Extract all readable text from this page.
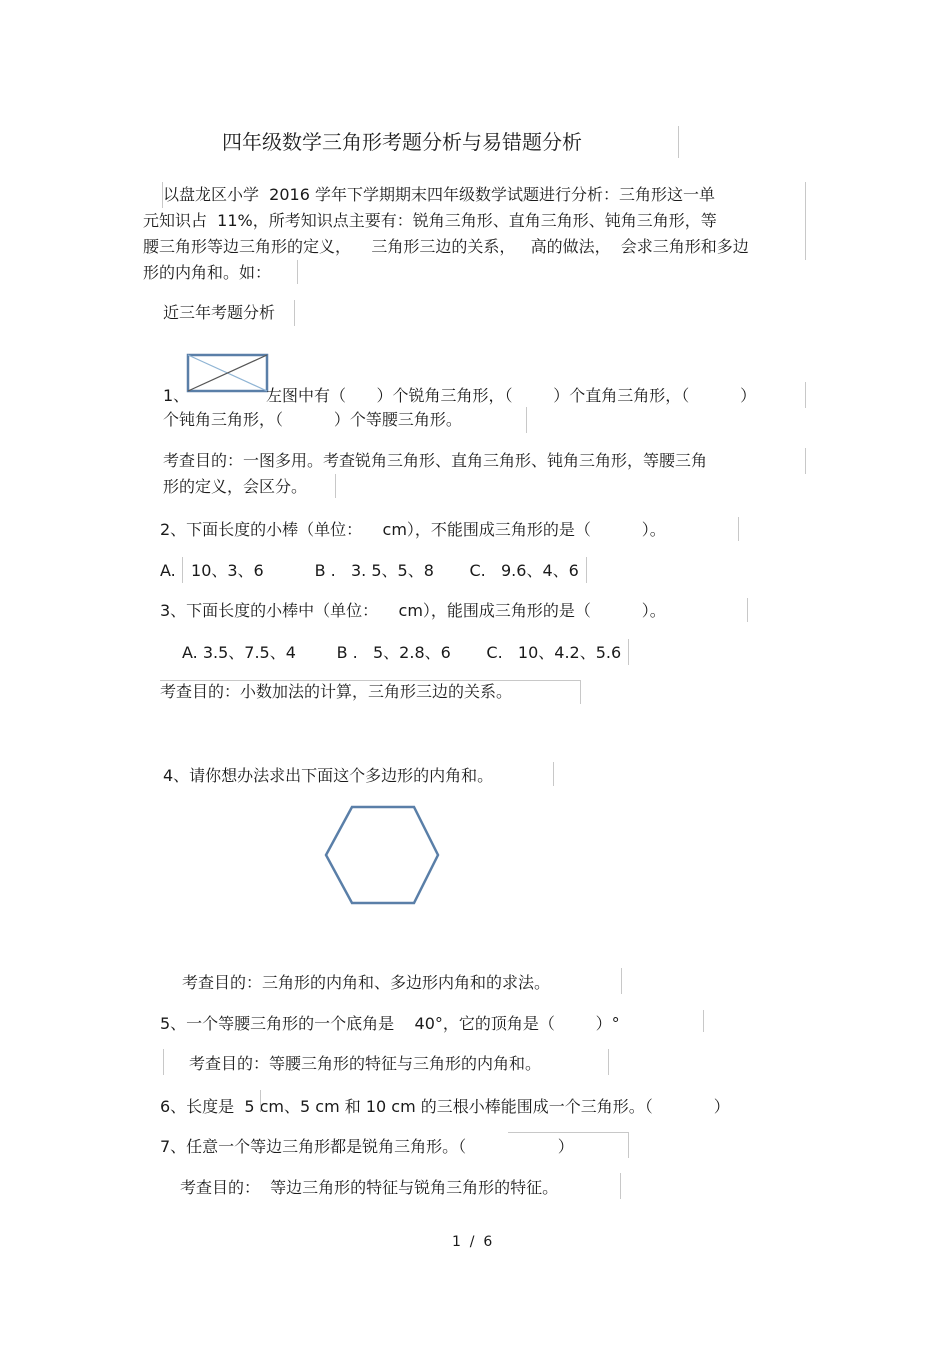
四年级数学三角形考题分析与易错题分析
以盘龙区小学  2016 学年下学期期末四年级数学试题进行分析：三角形这一单
元知识占  11%，所考知识点主要有：锐角三角形、直角三角形、钝角三角形，等
腰三角形等边三角形的定义，    三角形三边的关系，   高的做法，  会求三角形和多边
形的内角和。如：
近三年考题分析
1、	左图中有（      ）个锐角三角形，（        ）个直角三角形，（          ）
个钝角三角形，（          ）个等腰三角形。
考查目的：一图多用。考查锐角三角形、直角三角形、钝角三角形，等腰三角
形的定义，会区分。
2、下面长度的小棒（单位：    cm），不能围成三角形的是（          ）。
A.   10、3、6          B .   3. 5、5、8       C.   9.6、4、6
3、下面长度的小棒中（单位：    cm），能围成三角形的是（          ）。
A. 3.5、7.5、4        B .   5、2.8、6       C.   10、4.2、5.6
考查目的：小数加法的计算，三角形三边的关系。
4、请你想办法求出下面这个多边形的内角和。
考查目的：三角形的内角和、多边形内角和的求法。
5、一个等腰三角形的一个底角是    40°，它的顶角是（        ）°
考查目的：等腰三角形的特征与三角形的内角和。
6、长度是  5 cm、5 cm 和 10 cm 的三根小棒能围成一个三角形。（            ）
7、任意一个等边三角形都是锐角三角形。（                  ）
考查目的：  等边三角形的特征与锐角三角形的特征。
1  /  6
